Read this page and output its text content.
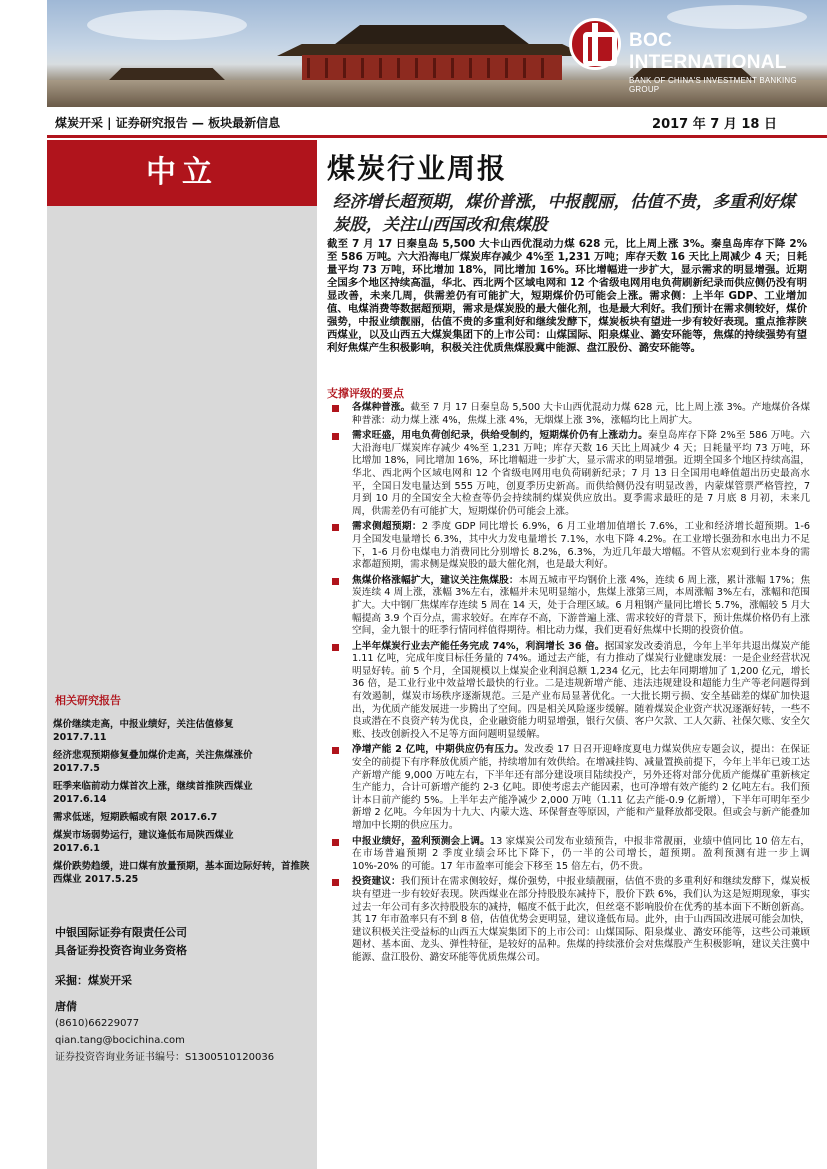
BOC INTERNATIONAL
BANK OF CHINA'S INVESTMENT BANKING GROUP
煤炭开采 | 证券研究报告 — 板块最新信息	2017 年 7 月 18 日
中立
相关研究报告
煤价继续走高，中报业绩好，关注估值修复
2017.7.11
经济悲观预期修复叠加煤价走高，关注焦煤涨价
2017.7.5
旺季来临前动力煤首次上涨，继续首推陕西煤业
2017.6.14
需求低迷，短期跌幅或有限 2017.6.7
煤炭市场弱势运行，建议逢低布局陕西煤业
2017.6.1
煤价跌势趋缓，进口煤有放量预期，基本面边际好转，首推陕西煤业 2017.5.25
中银国际证券有限责任公司
具备证券投资咨询业务资格
采掘：煤炭开采
唐倩
(8610)66229077
qian.tang@bocichina.com
证券投资咨询业务证书编号：S1300510120036
煤炭行业周报
经济增长超预期，煤价普涨，中报靓丽，估值不贵，多重利好煤炭股，关注山西国改和焦煤股
截至 7 月 17 日秦皇岛 5,500 大卡山西优混动力煤 628 元，比上周上涨 3%。秦皇岛库存下降 2%至 586 万吨。六大沿海电厂煤炭库存减少 4%至 1,231 万吨；库存天数 16 天比上周减少 4 天；日耗量平均 73 万吨，环比增加 18%，同比增加 16%。环比增幅进一步扩大，显示需求的明显增强。近期全国多个地区持续高温，华北、西北两个区域电网和 12 个省级电网用电负荷刷新纪录而供应侧仍没有明显改善，未来几周，供需差仍有可能扩大，短期煤价仍可能会上涨。需求侧：上半年 GDP、工业增加值、电煤消费等数据超预期，需求是煤炭股的最大催化剂，也是最大利好。我们预计在需求侧较好，煤价强势，中报业绩靓丽，估值不贵的多重利好和继续发酵下，煤炭板块有望进一步有较好表现。重点推荐陕西煤业，以及山西五大煤炭集团下的上市公司：山煤国际、阳泉煤业、潞安环能等，焦煤的持续强势有望利好焦煤产生积极影响，积极关注优质焦煤股冀中能源、盘江股份、潞安环能等。
支撑评级的要点
各煤种普涨。截至 7 月 17 日秦皇岛 5,500 大卡山西优混动力煤 628 元，比上周上涨 3%。产地煤价各煤种普涨：动力煤上涨 4%，焦煤上涨 4%，无烟煤上涨 3%，涨幅均比上周扩大。
需求旺盛，用电负荷创纪录，供给受制约，短期煤价仍有上涨动力。秦皇岛库存下降 2%至 586 万吨。六大沿海电厂煤炭库存减少 4%至 1,231 万吨；库存天数 16 天比上周减少 4 天；日耗量平均 73 万吨，环比增加 18%，同比增加 16%，环比增幅进一步扩大，显示需求的明显增强。近期全国多个地区持续高温，华北、西北两个区域电网和 12 个省级电网用电负荷刷新纪录；7 月 13 日全国用电峰值超出历史最高水平，全国日发电量达到 555 万吨，创夏季历史新高。而供给侧仍没有明显改善，内蒙煤管票严格管控，7 月到 10 月的全国安全大检查等仍会持续制约煤炭供应放出。夏季需求最旺的是 7 月底 8 月初，未来几周，供需差仍有可能扩大，短期煤价仍可能会上涨。
需求侧超预期：2 季度 GDP 同比增长 6.9%，6 月工业增加值增长 7.6%，工业和经济增长超预期。1-6 月全国发电量增长 6.3%，其中火力发电量增长 7.1%，水电下降 4.2%。在工业增长强劲和水电出力不足下，1-6 月份电煤电力消费同比分别增长 8.2%，6.3%，为近几年最大增幅。不管从宏观到行业本身的需求都超预期，需求侧是煤炭股的最大催化剂，也是最大利好。
焦煤价格涨幅扩大，建议关注焦煤股：本周五城市平均钢价上涨 4%，连续 6 周上涨，累计涨幅 17%；焦炭连续 4 周上涨，涨幅 3%左右，涨幅并未见明显缩小，焦煤上涨第三周，本周涨幅 3%左右，涨幅和范围扩大。大中钢厂焦煤库存连续 5 周在 14 天，处于合理区域。6 月粗钢产量同比增长 5.7%，涨幅较 5 月大幅提高 3.9 个百分点，需求较好。在库存不高，下游普遍上涨、需求较好的背景下，预计焦煤价格仍有上涨空间，金九银十的旺季行情同样值得期待。相比动力煤，我们更看好焦煤中长期的投资价值。
上半年煤炭行业去产能任务完成 74%，利润增长 36 倍。据国家发改委消息，今年上半年共退出煤炭产能 1.11 亿吨，完成年度目标任务量的 74%。通过去产能，有力推动了煤炭行业健康发展：一是企业经营状况明显好转。前 5 个月，全国规模以上煤炭企业利润总额 1,234 亿元，比去年同期增加了 1,200 亿元，增长 36 倍，是工业行业中效益增长最快的行业。二是违规新增产能、违法违规建设和超能力生产等老问题得到有效遏制，煤炭市场秩序逐渐规范。三是产业布局显著优化。一大批长期亏损、安全基础差的煤矿加快退出，为优质产能发展进一步腾出了空间。四是相关风险逐步缓解。随着煤炭企业资产状况逐渐好转，一些不良或潜在不良资产转为优良，企业融资能力明显增强，银行欠债、客户欠款、工人欠薪、社保欠账、安全欠账、技改创新投入不足等方面问题明显缓解。
净增产能 2 亿吨，中期供应仍有压力。发改委 17 日召开迎峰度夏电力煤炭供应专题会议，提出：在保证安全的前提下有序释放优质产能，持续增加有效供给。在增减挂钩、减量置换前提下，今年上半年已竣工达产新增产能 9,000 万吨左右，下半年还有部分建设项目陆续投产，另外还将对部分优质产能煤矿重新核定生产能力，合计可新增产能约 2-3 亿吨。即使考虑去产能因素，也可净增有效产能约 2 亿吨左右。我们预计本日前产能约 5%。上半年去产能净减少 2,000 万吨（1.11 亿去产能-0.9 亿新增），下半年可明年至少新增 2 亿吨。今年因为十九大、内蒙大选、环保督查等原因，产能和产量释放都受限。但或会与新产能叠加增加中长期的供应压力。
中报业绩好，盈利预测会上调。13 家煤炭公司发布业绩预告，中报非常靓丽，业绩中值同比 10 倍左右，在市场普遍预期 2 季度业绩会环比下降下，仍一半的公司增长，超预期。盈利预测有进一步上调 10%-20% 的可能。17 年市盈率可能会下移至 15 倍左右，仍不贵。
投资建议：我们预计在需求侧较好，煤价强势，中报业绩靓丽，估值不贵的多重利好和继续发酵下，煤炭板块有望进一步有较好表现。陕西煤业在部分持股股东减持下，股价下跌 6%，我们认为这是短期现象，事实过去一年公司有多次持股股东的减持，幅度不低于此次，但丝毫不影响股价在优秀的基本面下不断创新高。其 17 年市盈率只有不到 8 倍，估值优势会更明显，建议逢低布局。此外，由于山西国改进展可能会加快，建议积极关注受益标的山西五大煤炭集团下的上市公司：山煤国际、阳泉煤业、潞安环能等，这些公司兼顾题材、基本面、龙头、弹性特征，是较好的品种。焦煤的持续涨价会对焦煤股产生积极影响，建议关注冀中能源、盘江股份、潞安环能等优质焦煤公司。
